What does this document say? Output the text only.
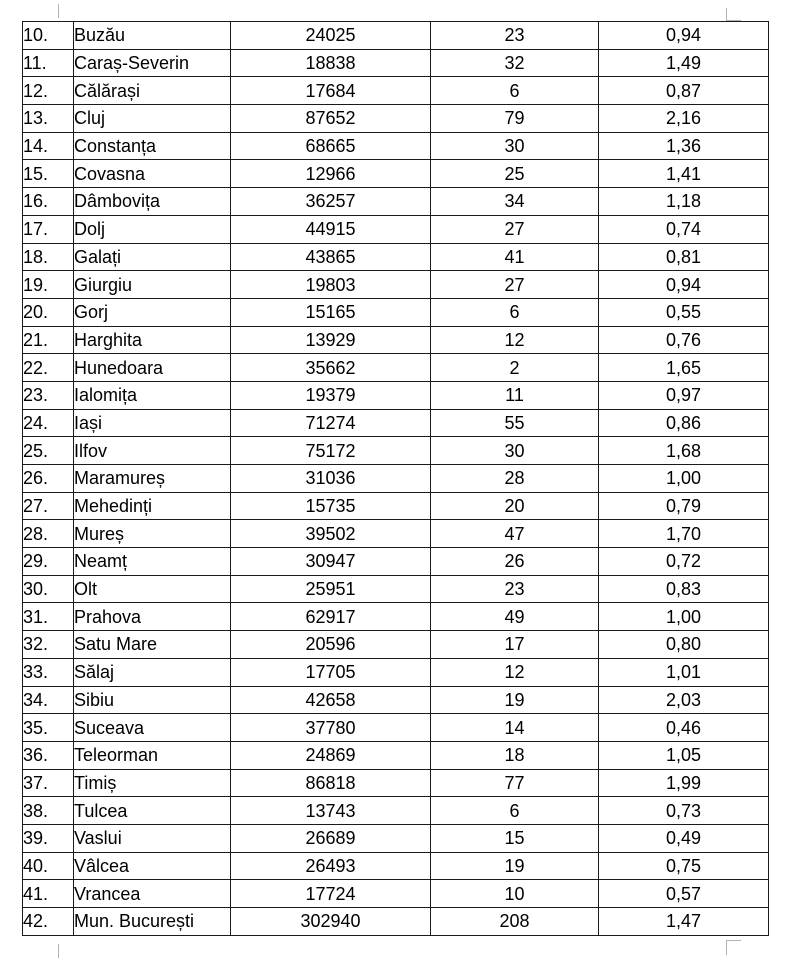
10.	Buzău	24025	23	0,94
11.	Caraș-Severin	18838	32	1,49
12.	Călărași	17684	6	0,87
13.	Cluj	87652	79	2,16
14.	Constanța	68665	30	1,36
15.	Covasna	12966	25	1,41
16.	Dâmbovița	36257	34	1,18
17.	Dolj	44915	27	0,74
18.	Galați	43865	41	0,81
19.	Giurgiu	19803	27	0,94
20.	Gorj	15165	6	0,55
21.	Harghita	13929	12	0,76
22.	Hunedoara	35662	2	1,65
23.	Ialomița	19379	11	0,97
24.	Iași	71274	55	0,86
25.	Ilfov	75172	30	1,68
26.	Maramureș	31036	28	1,00
27.	Mehedinți	15735	20	0,79
28.	Mureș	39502	47	1,70
29.	Neamț	30947	26	0,72
30.	Olt	25951	23	0,83
31.	Prahova	62917	49	1,00
32.	Satu Mare	20596	17	0,80
33.	Sălaj	17705	12	1,01
34.	Sibiu	42658	19	2,03
35.	Suceava	37780	14	0,46
36.	Teleorman	24869	18	1,05
37.	Timiș	86818	77	1,99
38.	Tulcea	13743	6	0,73
39.	Vaslui	26689	15	0,49
40.	Vâlcea	26493	19	0,75
41.	Vrancea	17724	10	0,57
42.	Mun. București	302940	208	1,47
